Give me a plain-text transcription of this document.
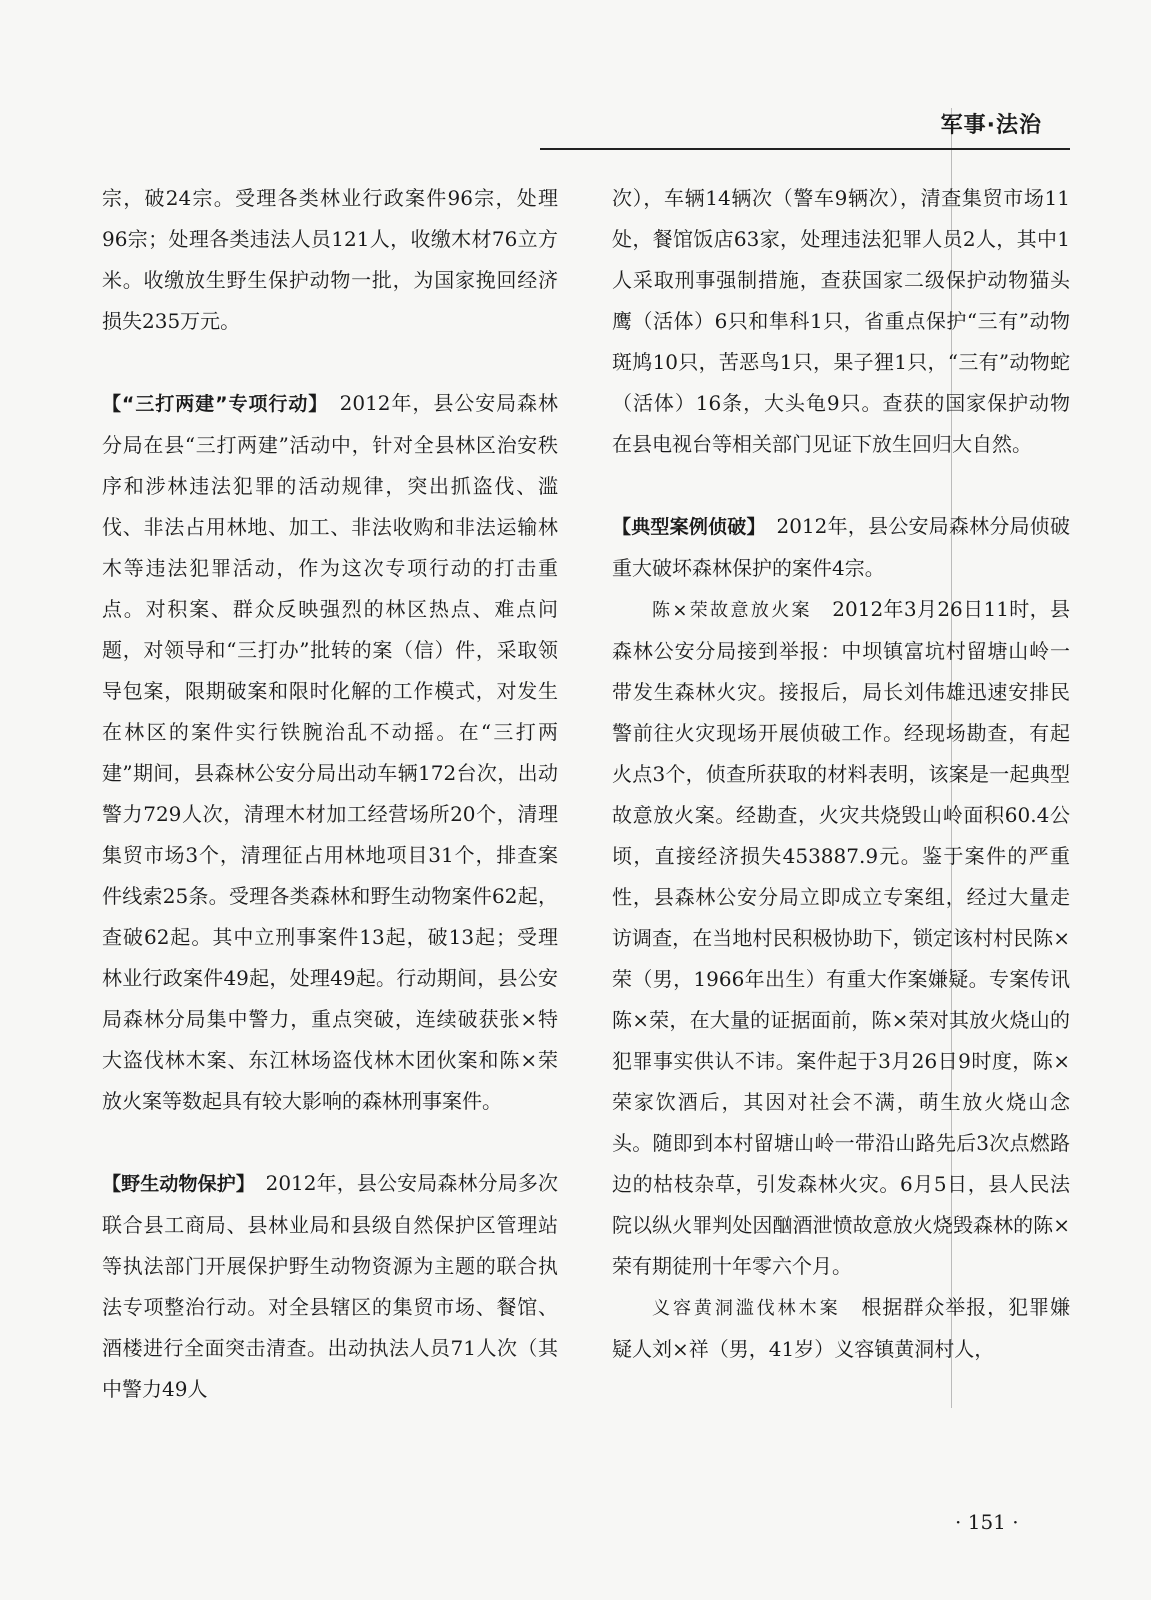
军事·法治

宗，破24宗。受理各类林业行政案件96宗，处理96宗；处理各类违法人员121人，收缴木材76立方米。收缴放生野生保护动物一批，为国家挽回经济损失235万元。

【“三打两建”专项行动】　2012年，县公安局森林分局在县“三打两建”活动中，针对全县林区治安秩序和涉林违法犯罪的活动规律，突出抓盗伐、滥伐、非法占用林地、加工、非法收购和非法运输林木等违法犯罪活动，作为这次专项行动的打击重点。对积案、群众反映强烈的林区热点、难点问题，对领导和“三打办”批转的案（信）件，采取领导包案，限期破案和限时化解的工作模式，对发生在林区的案件实行铁腕治乱不动摇。在“三打两建”期间，县森林公安分局出动车辆172台次，出动警力729人次，清理木材加工经营场所20个，清理集贸市场3个，清理征占用林地项目31个，排查案件线索25条。受理各类森林和野生动物案件62起，查破62起。其中立刑事案件13起，破13起；受理林业行政案件49起，处理49起。行动期间，县公安局森林分局集中警力，重点突破，连续破获张×特大盗伐林木案、东江林场盗伐林木团伙案和陈×荣放火案等数起具有较大影响的森林刑事案件。

【野生动物保护】　2012年，县公安局森林分局多次联合县工商局、县林业局和县级自然保护区管理站等执法部门开展保护野生动物资源为主题的联合执法专项整治行动。对全县辖区的集贸市场、餐馆、酒楼进行全面突击清查。出动执法人员71人次（其中警力49人

次），车辆14辆次（警车9辆次），清查集贸市场11处，餐馆饭店63家，处理违法犯罪人员2人，其中1人采取刑事强制措施，查获国家二级保护动物猫头鹰（活体）6只和隼科1只，省重点保护“三有”动物斑鸠10只，苦恶鸟1只，果子狸1只，“三有”动物蛇（活体）16条，大头龟9只。查获的国家保护动物在县电视台等相关部门见证下放生回归大自然。

【典型案例侦破】　2012年，县公安局森林分局侦破重大破坏森林保护的案件4宗。

陈×荣故意放火案　2012年3月26日11时，县森林公安分局接到举报：中坝镇富坑村留塘山岭一带发生森林火灾。接报后，局长刘伟雄迅速安排民警前往火灾现场开展侦破工作。经现场勘查，有起火点3个，侦查所获取的材料表明，该案是一起典型故意放火案。经勘查，火灾共烧毁山岭面积60.4公顷，直接经济损失453887.9元。鉴于案件的严重性，县森林公安分局立即成立专案组，经过大量走访调查，在当地村民积极协助下，锁定该村村民陈×荣（男，1966年出生）有重大作案嫌疑。专案传讯陈×荣，在大量的证据面前，陈×荣对其放火烧山的犯罪事实供认不讳。案件起于3月26日9时度，陈×荣家饮酒后，其因对社会不满，萌生放火烧山念头。随即到本村留塘山岭一带沿山路先后3次点燃路边的枯枝杂草，引发森林火灾。6月5日，县人民法院以纵火罪判处因酗酒泄愤故意放火烧毁森林的陈×荣有期徒刑十年零六个月。

义容黄洞滥伐林木案　根据群众举报，犯罪嫌疑人刘×祥（男，41岁）义容镇黄洞村人，

· 151 ·
